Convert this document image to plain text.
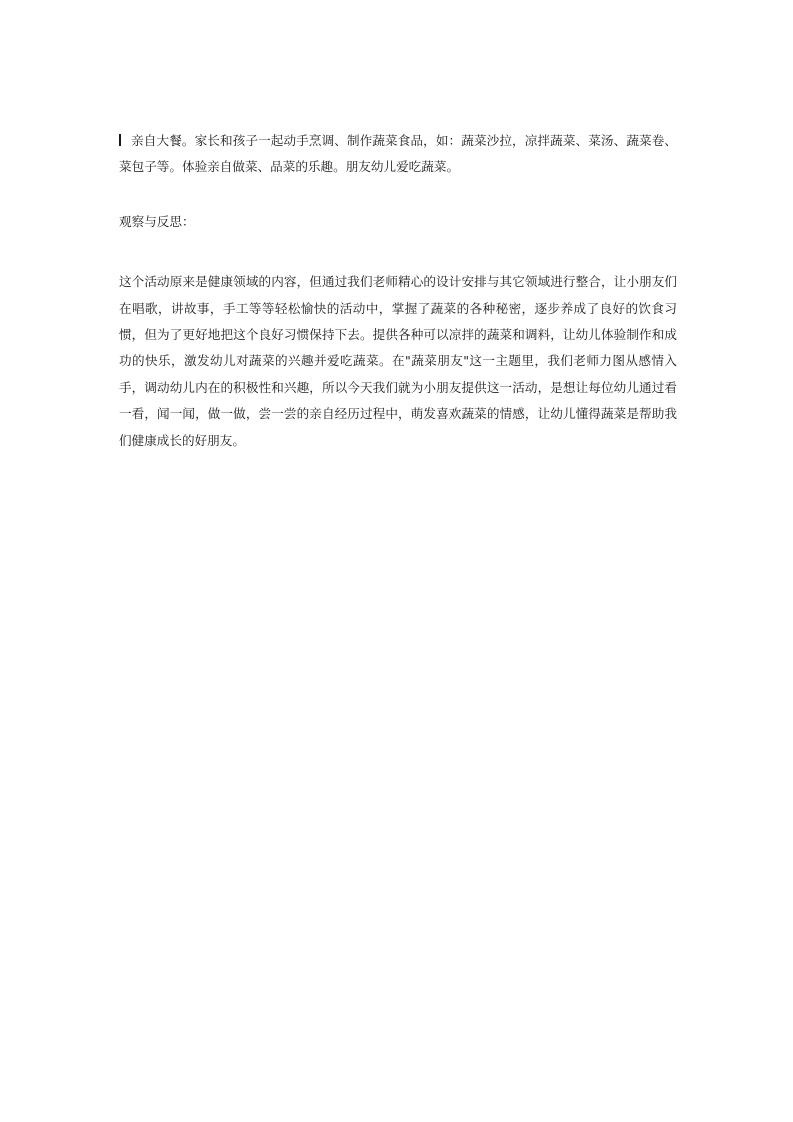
亲自大餐。家长和孩子一起动手烹调、制作蔬菜食品，如：蔬菜沙拉，凉拌蔬菜、菜汤、蔬菜卷、菜包子等。体验亲自做菜、品菜的乐趣。朋友幼儿爱吃蔬菜。

观察与反思：

这个活动原来是健康领域的内容，但通过我们老师精心的设计安排与其它领域进行整合，让小朋友们在唱歌，讲故事，手工等等轻松愉快的活动中，掌握了蔬菜的各种秘密，逐步养成了良好的饮食习惯，但为了更好地把这个良好习惯保持下去。提供各种可以凉拌的蔬菜和调料，让幼儿体验制作和成功的快乐，激发幼儿对蔬菜的兴趣并爱吃蔬菜。在"蔬菜朋友"这一主题里，我们老师力图从感情入手，调动幼儿内在的积极性和兴趣，所以今天我们就为小朋友提供这一活动，是想让每位幼儿通过看一看，闻一闻，做一做，尝一尝的亲自经历过程中，萌发喜欢蔬菜的情感，让幼儿懂得蔬菜是帮助我们健康成长的好朋友。
